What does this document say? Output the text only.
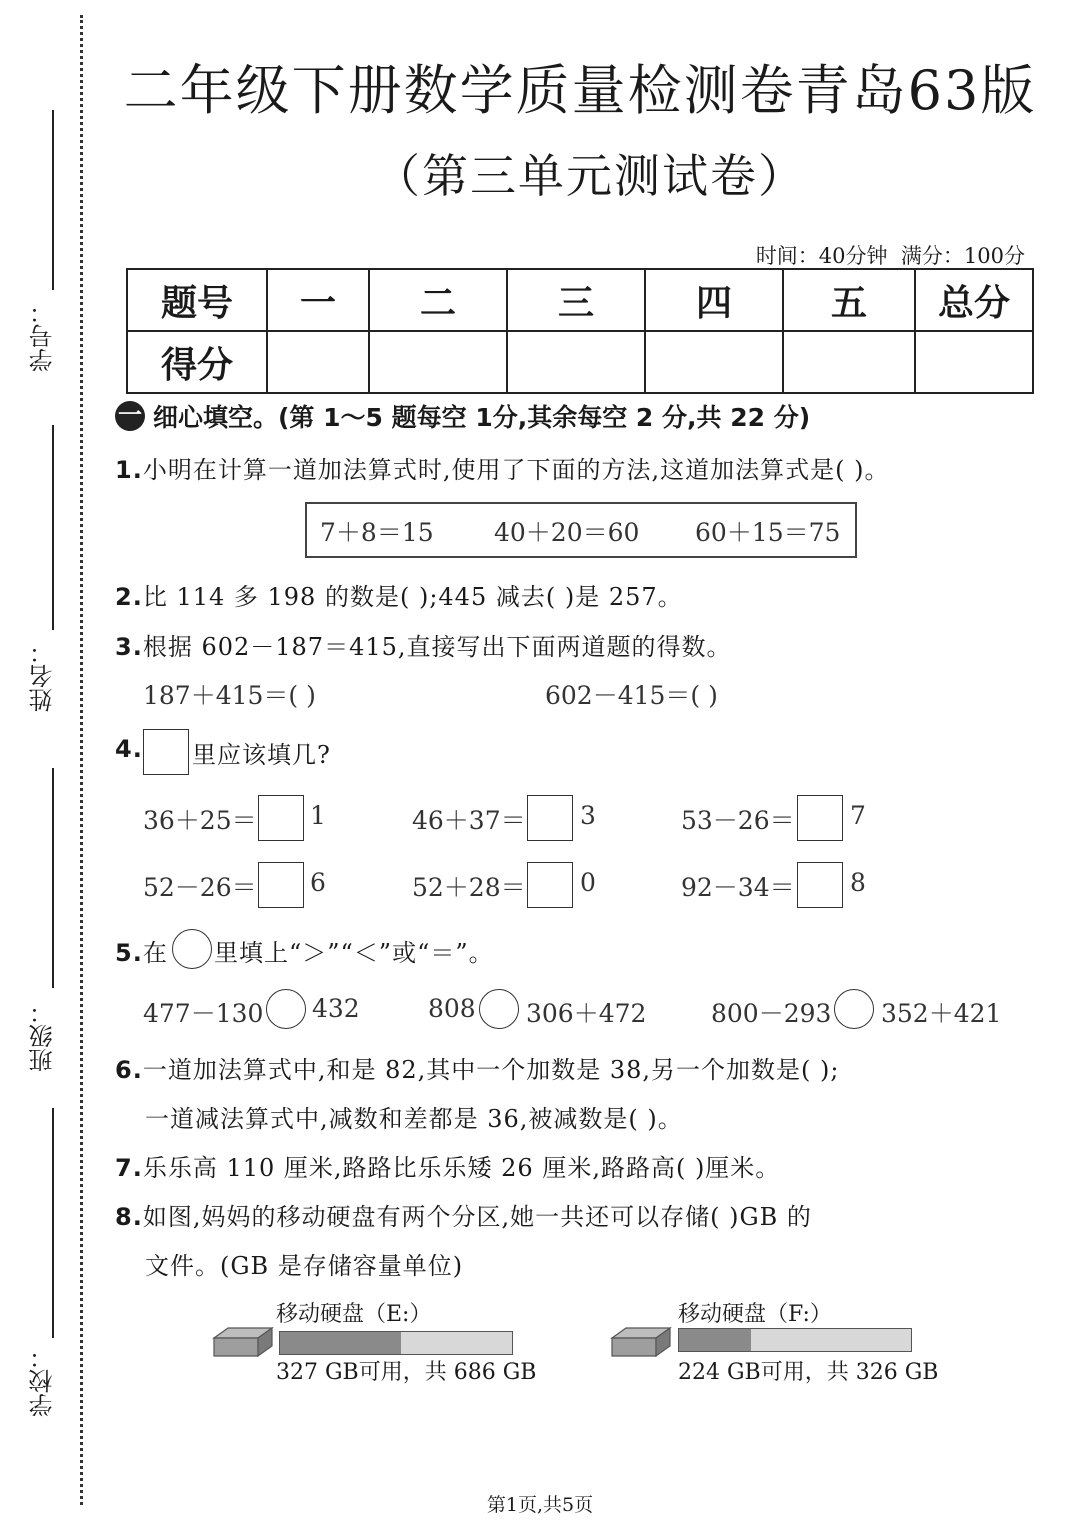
学号：
姓名：
班级：
学校：
二年级下册数学质量检测卷青岛63版
（第三单元测试卷）
时间：40分钟 满分：100分
题号	一	二	三	四	五	总分
得分						
一 细心填空。(第 1～5 题每空 1分,其余每空 2 分,共 22 分)
1.小明在计算一道加法算式时,使用了下面的方法,这道加法算式是( )。
7＋8＝15 40＋20＝60 60＋15＝75
2.比 114 多 198 的数是( );445 减去( )是 257。
3.根据 602－187＝415,直接写出下面两道题的得数。
187＋415＝( )	602－415＝( )
4. 里应该填几?
36＋25＝ 1	46＋37＝ 3	53－26＝ 7
52－26＝ 6	52＋28＝ 0	92－34＝ 8
5.在 里填上“＞”“＜”或“＝”。
477－130 432	808 306＋472	800－293 352＋421
6.一道加法算式中,和是 82,其中一个加数是 38,另一个加数是( );
一道减法算式中,减数和差都是 36,被减数是( )。
7.乐乐高 110 厘米,路路比乐乐矮 26 厘米,路路高( )厘米。
8.如图,妈妈的移动硬盘有两个分区,她一共还可以存储( )GB 的
文件。(GB 是存储容量单位)
移动硬盘（E:）
327 GB可用，共 686 GB
移动硬盘（F:）
224 GB可用，共 326 GB
第1页,共5页
